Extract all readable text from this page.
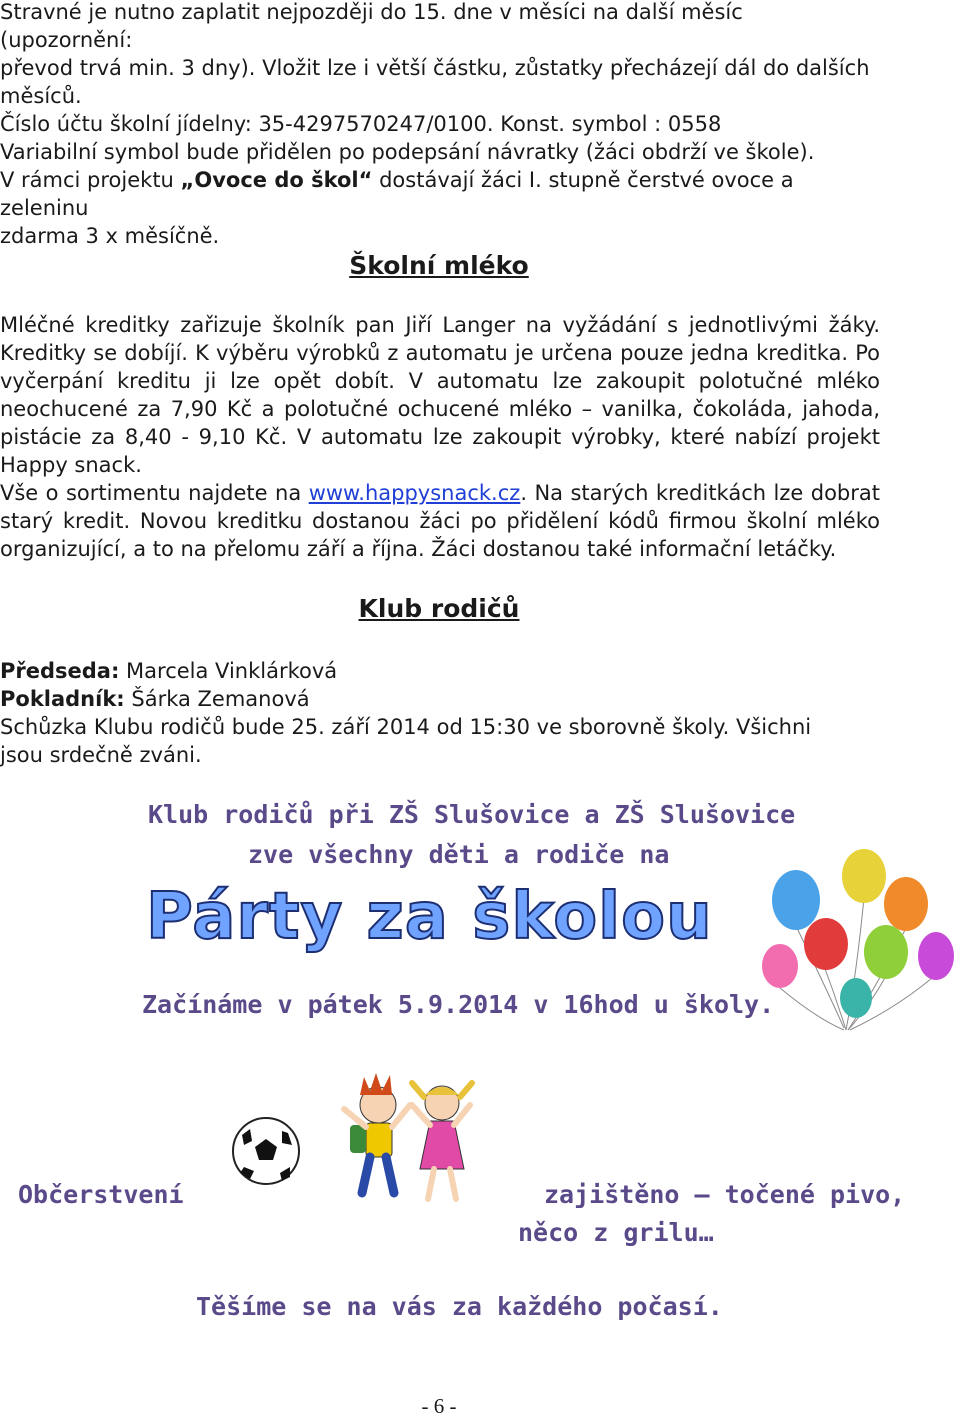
Stravné je nutno zaplatit nejpozději do 15. dne v měsíci na další měsíc (upozornění:
převod trvá min. 3 dny). Vložit lze i větší částku, zůstatky přecházejí dál do dalších
měsíců.
Číslo účtu školní jídelny: 35-4297570247/0100. Konst. symbol : 0558
Variabilní symbol bude přidělen po podepsání návratky (žáci obdrží ve škole).
V rámci projektu „Ovoce do škol“ dostávají žáci I. stupně čerstvé ovoce a zeleninu
zdarma 3 x měsíčně.
Školní mléko
Mléčné kreditky zařizuje školník pan Jiří Langer na vyžádání s jednotlivými žáky. Kreditky se dobíjí. K výběru výrobků z automatu je určena pouze jedna kreditka. Po vyčerpání kreditu ji lze opět dobít. V automatu lze zakoupit polotučné mléko neochucené za 7,90 Kč a polotučné ochucené mléko – vanilka, čokoláda, jahoda, pistácie za 8,40 - 9,10 Kč. V automatu lze zakoupit výrobky, které nabízí projekt Happy snack.
Vše o sortimentu najdete na www.happysnack.cz. Na starých kreditkách lze dobrat starý kredit. Novou kreditku dostanou žáci po přidělení kódů firmou školní mléko organizující, a to na přelomu září a října. Žáci dostanou také informační letáčky.
Klub rodičů
Předseda: Marcela Vinklárková
Pokladník: Šárka Zemanová
Schůzka Klubu rodičů bude 25. září 2014 od 15:30 ve sborovně školy. Všichni jsou srdečně zváni.
Klub rodičů při ZŠ Slušovice a ZŠ Slušovice
zve všechny děti a rodiče na
Párty za školou
Začínáme v pátek 5.9.2014 v 16hod u školy.
Občerstvení	zajištěno – točené pivo,
něco z grilu…
Těšíme se na vás za každého počasí.
- 6 -
